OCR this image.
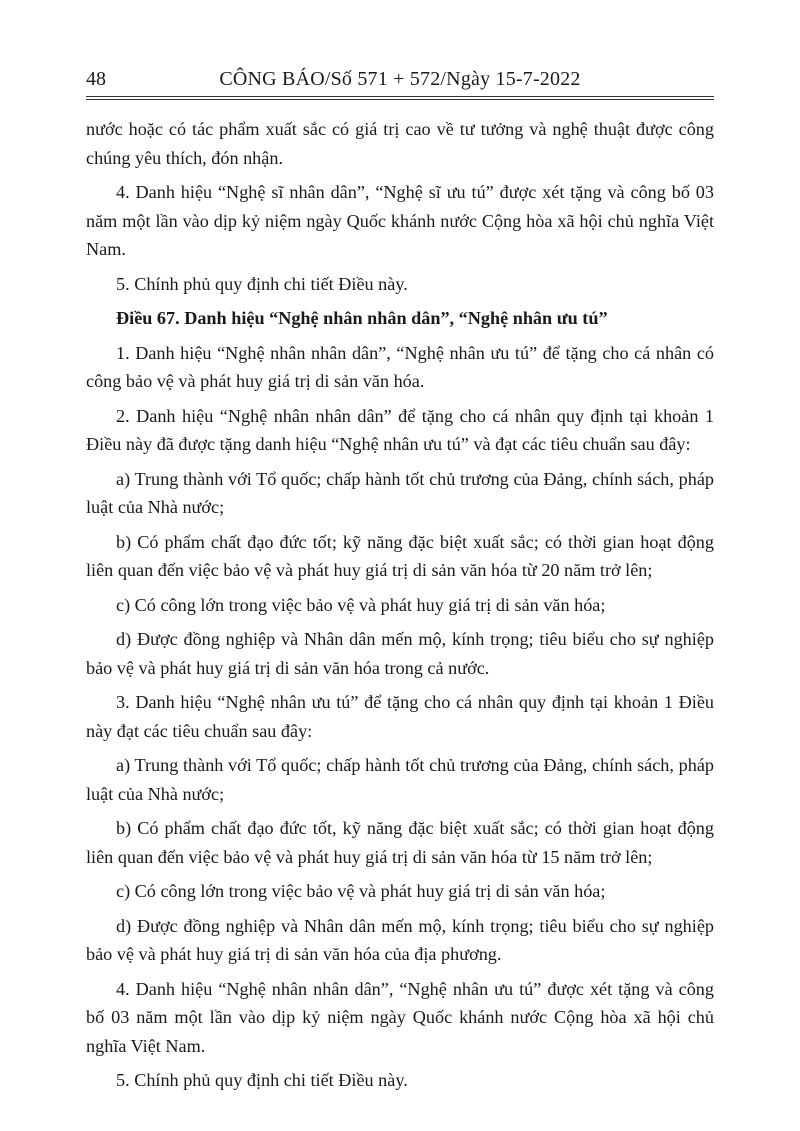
48	CÔNG BÁO/Số 571 + 572/Ngày 15-7-2022

nước hoặc có tác phẩm xuất sắc có giá trị cao về tư tưởng và nghệ thuật được công chúng yêu thích, đón nhận.

4. Danh hiệu “Nghệ sĩ nhân dân”, “Nghệ sĩ ưu tú” được xét tặng và công bố 03 năm một lần vào dịp kỷ niệm ngày Quốc khánh nước Cộng hòa xã hội chủ nghĩa Việt Nam.

5. Chính phủ quy định chi tiết Điều này.

Điều 67. Danh hiệu “Nghệ nhân nhân dân”, “Nghệ nhân ưu tú”

1. Danh hiệu “Nghệ nhân nhân dân”, “Nghệ nhân ưu tú” để tặng cho cá nhân có công bảo vệ và phát huy giá trị di sản văn hóa.

2. Danh hiệu “Nghệ nhân nhân dân” để tặng cho cá nhân quy định tại khoản 1 Điều này đã được tặng danh hiệu “Nghệ nhân ưu tú” và đạt các tiêu chuẩn sau đây:

a) Trung thành với Tổ quốc; chấp hành tốt chủ trương của Đảng, chính sách, pháp luật của Nhà nước;

b) Có phẩm chất đạo đức tốt; kỹ năng đặc biệt xuất sắc; có thời gian hoạt động liên quan đến việc bảo vệ và phát huy giá trị di sản văn hóa từ 20 năm trở lên;

c) Có công lớn trong việc bảo vệ và phát huy giá trị di sản văn hóa;

d) Được đồng nghiệp và Nhân dân mến mộ, kính trọng; tiêu biểu cho sự nghiệp bảo vệ và phát huy giá trị di sản văn hóa trong cả nước.

3. Danh hiệu “Nghệ nhân ưu tú” để tặng cho cá nhân quy định tại khoản 1 Điều này đạt các tiêu chuẩn sau đây:

a) Trung thành với Tổ quốc; chấp hành tốt chủ trương của Đảng, chính sách, pháp luật của Nhà nước;

b) Có phẩm chất đạo đức tốt, kỹ năng đặc biệt xuất sắc; có thời gian hoạt động liên quan đến việc bảo vệ và phát huy giá trị di sản văn hóa từ 15 năm trở lên;

c) Có công lớn trong việc bảo vệ và phát huy giá trị di sản văn hóa;

d) Được đồng nghiệp và Nhân dân mến mộ, kính trọng; tiêu biểu cho sự nghiệp bảo vệ và phát huy giá trị di sản văn hóa của địa phương.

4. Danh hiệu “Nghệ nhân nhân dân”, “Nghệ nhân ưu tú” được xét tặng và công bố 03 năm một lần vào dịp kỷ niệm ngày Quốc khánh nước Cộng hòa xã hội chủ nghĩa Việt Nam.

5. Chính phủ quy định chi tiết Điều này.
